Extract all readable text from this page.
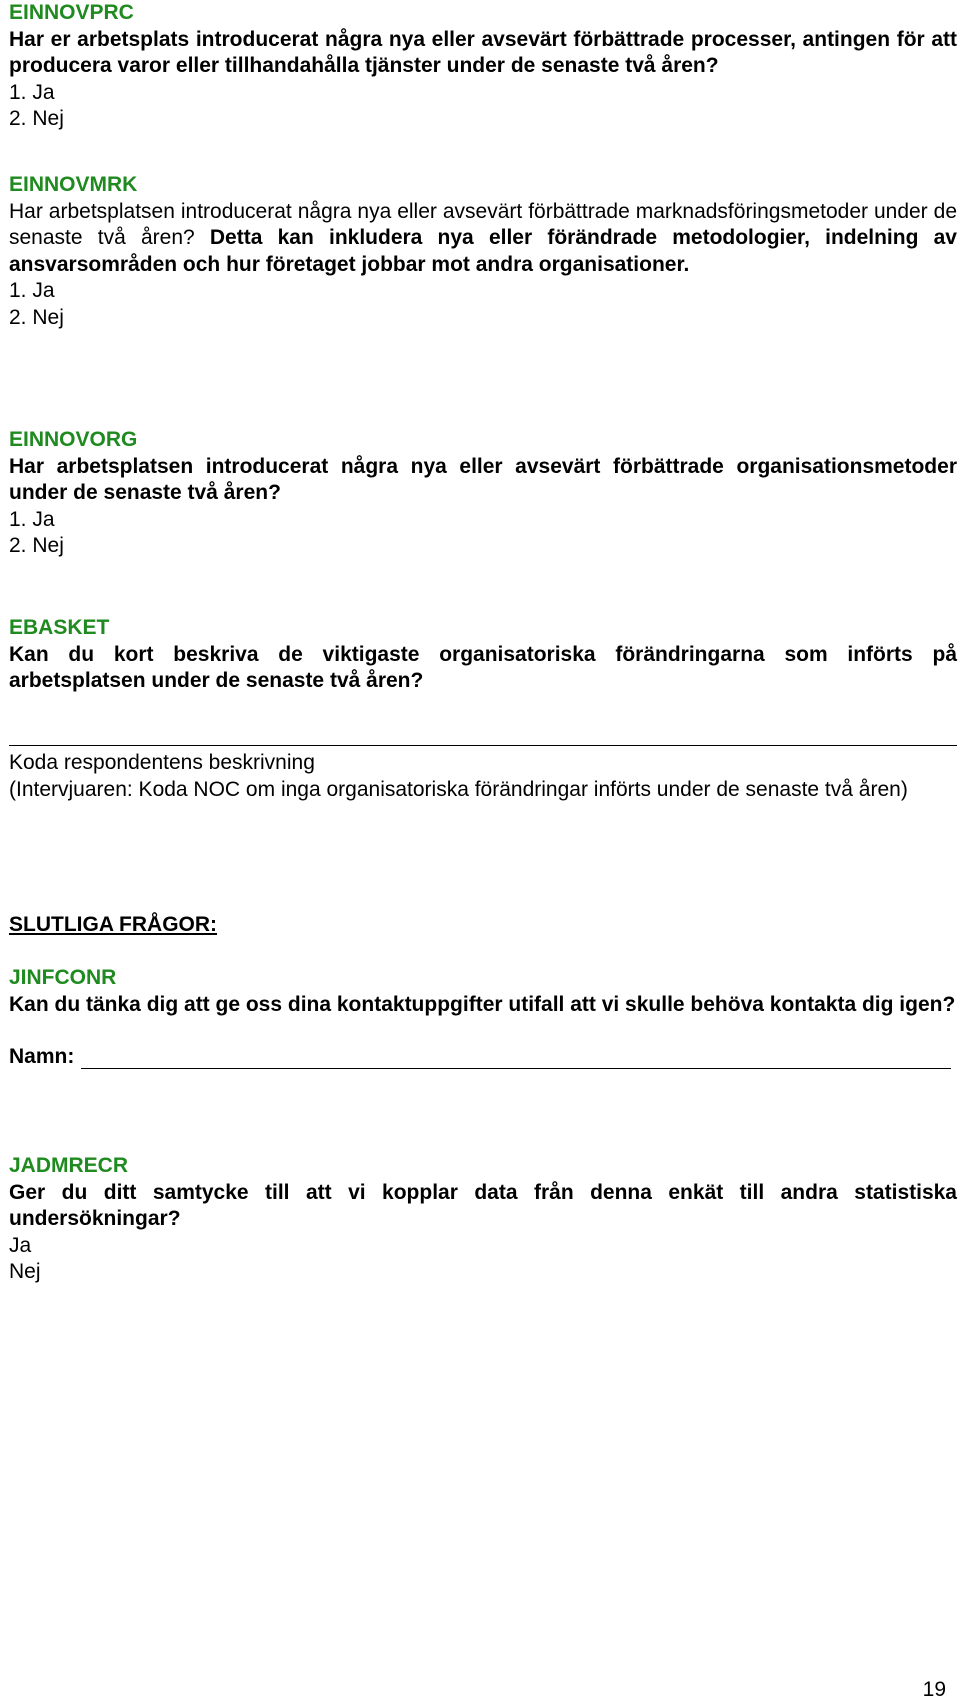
EINNOVPRC
Har er arbetsplats introducerat några nya eller avsevärt förbättrade processer, antingen för att producera varor eller tillhandahålla tjänster under de senaste två åren?
1. Ja
2. Nej
EINNOVMRK
Har arbetsplatsen introducerat några nya eller avsevärt förbättrade marknadsföringsmetoder under de senaste två åren? Detta kan inkludera nya eller förändrade metodologier, indelning av ansvarsområden och hur företaget jobbar mot andra organisationer.
1. Ja
2. Nej
EINNOVORG
Har arbetsplatsen introducerat några nya eller avsevärt förbättrade organisationsmetoder under de senaste två åren?
1. Ja
2. Nej
EBASKET
Kan du kort beskriva de viktigaste organisatoriska förändringarna som införts på arbetsplatsen under de senaste två åren?
Koda respondentens beskrivning
(Intervjuaren: Koda NOC om inga organisatoriska förändringar införts under de senaste två åren)
SLUTLIGA FRÅGOR:
JINFCONR
Kan du tänka dig att ge oss dina kontaktuppgifter utifall att vi skulle behöva kontakta dig igen?
Namn:
JADMRECR
Ger du ditt samtycke till att vi kopplar data från denna enkät till andra statistiska undersökningar?
Ja
Nej
19
